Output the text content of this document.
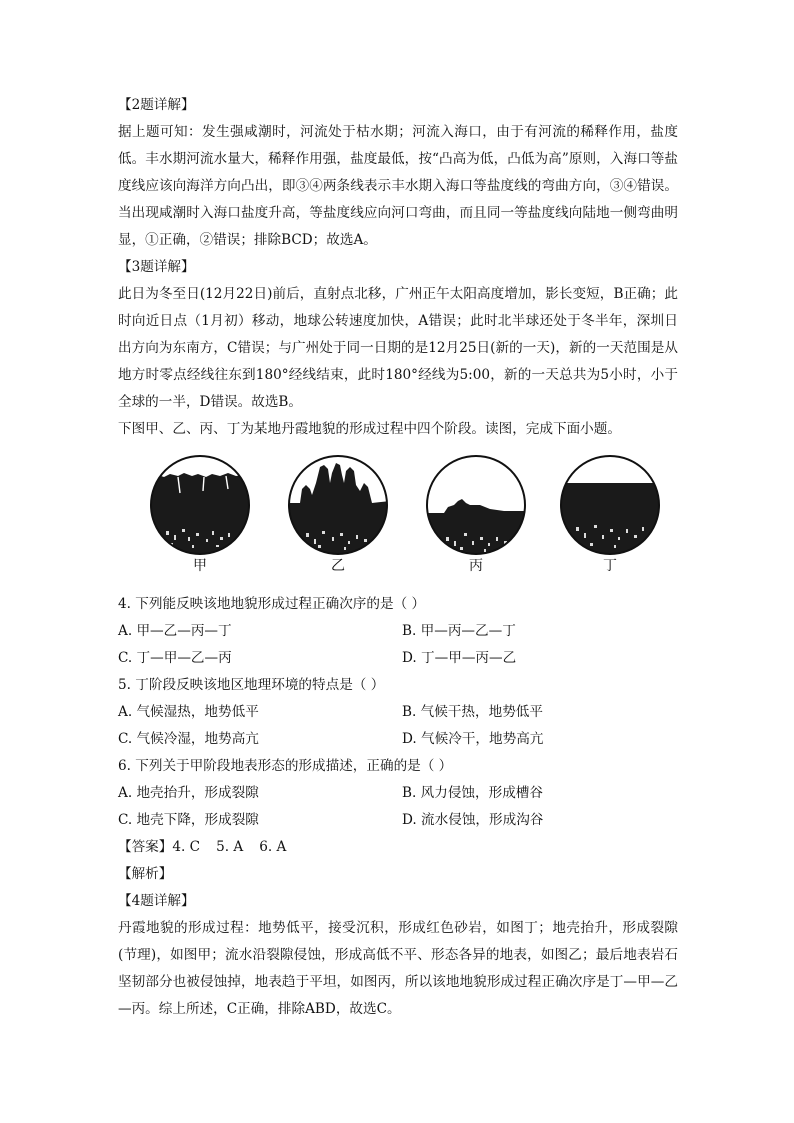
【2题详解】

据上题可知：发生强咸潮时，河流处于枯水期；河流入海口，由于有河流的稀释作用，盐度低。丰水期河流水量大，稀释作用强，盐度最低，按“凸高为低，凸低为高”原则，入海口等盐度线应该向海洋方向凸出，即③④两条线表示丰水期入海口等盐度线的弯曲方向，③④错误。当出现咸潮时入海口盐度升高，等盐度线应向河口弯曲，而且同一等盐度线向陆地一侧弯曲明显，①正确，②错误；排除BCD；故选A。

【3题详解】

此日为冬至日(12月22日)前后，直射点北移，广州正午太阳高度增加，影长变短，B正确；此时向近日点（1月初）移动，地球公转速度加快，A错误；此时北半球还处于冬半年，深圳日出方向为东南方，C错误；与广州处于同一日期的是12月25日(新的一天)，新的一天范围是从地方时零点经线往东到180°经线结束，此时180°经线为5:00，新的一天总共为5小时，小于全球的一半，D错误。故选B。

下图甲、乙、丙、丁为某地丹霞地貌的形成过程中四个阶段。读图，完成下面小题。

甲	乙	丙	丁

4. 下列能反映该地地貌形成过程正确次序的是（ ）

A. 甲—乙—丙—丁	B. 甲—丙—乙—丁
C. 丁—甲—乙—丙	D. 丁—甲—丙—乙

5. 丁阶段反映该地区地理环境的特点是（ ）

A. 气候湿热，地势低平	B. 气候干热，地势低平
C. 气候冷湿，地势高亢	D. 气候冷干，地势高亢

6. 下列关于甲阶段地表形态的形成描述，正确的是（ ）

A. 地壳抬升，形成裂隙	B. 风力侵蚀，形成槽谷
C. 地壳下降，形成裂隙	D. 流水侵蚀，形成沟谷

【答案】4. C 5. A 6. A

【解析】

【4题详解】

丹霞地貌的形成过程：地势低平，接受沉积，形成红色砂岩，如图丁；地壳抬升，形成裂隙(节理)，如图甲；流水沿裂隙侵蚀，形成高低不平、形态各异的地表，如图乙；最后地表岩石坚韧部分也被侵蚀掉，地表趋于平坦，如图丙，所以该地地貌形成过程正确次序是丁—甲—乙—丙。综上所述，C正确，排除ABD，故选C。
